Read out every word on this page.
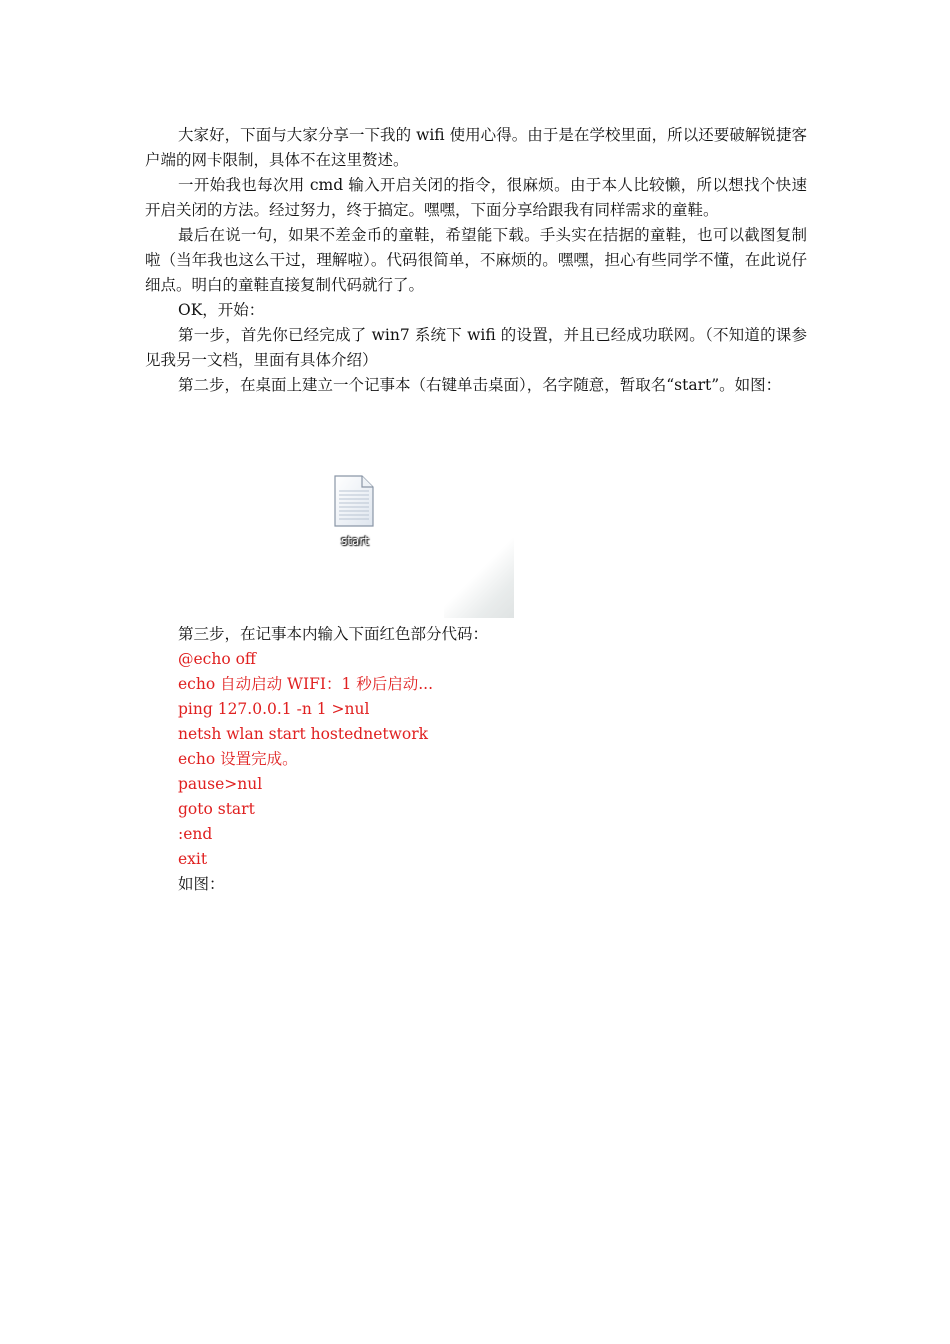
大家好，下面与大家分享一下我的 wifi 使用心得。由于是在学校里面，所以还要破解锐捷客户端的网卡限制，具体不在这里赘述。

一开始我也每次用 cmd 输入开启关闭的指令，很麻烦。由于本人比较懒，所以想找个快速开启关闭的方法。经过努力，终于搞定。嘿嘿，下面分享给跟我有同样需求的童鞋。

最后在说一句，如果不差金币的童鞋，希望能下载。手头实在拮据的童鞋，也可以截图复制啦（当年我也这么干过，理解啦）。代码很简单，不麻烦的。嘿嘿，担心有些同学不懂，在此说仔细点。明白的童鞋直接复制代码就行了。

OK，开始：

第一步，首先你已经完成了 win7 系统下 wifi 的设置，并且已经成功联网。（不知道的课参见我另一文档，里面有具体介绍）

第二步，在桌面上建立一个记事本（右键单击桌面），名字随意，暂取名“start”。如图：

start

第三步，在记事本内输入下面红色部分代码：

@echo off

echo 自动启动 WIFI：1 秒后启动...

ping 127.0.0.1 -n 1 >nul

netsh wlan start hostednetwork

echo 设置完成。

pause>nul

goto start

:end

exit

如图：
